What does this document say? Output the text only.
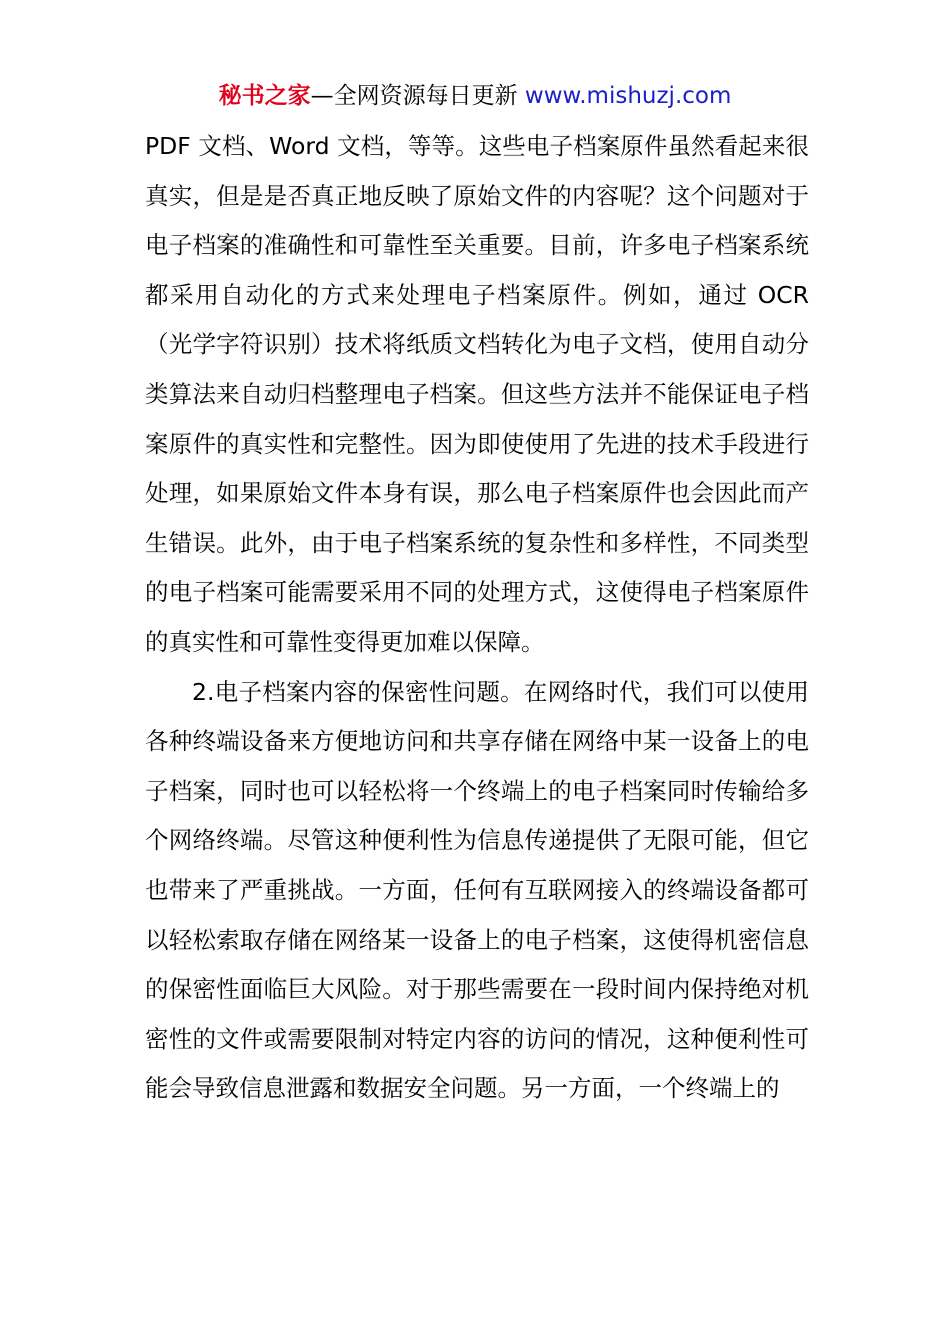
秘书之家—全网资源每日更新 www.mishuzj.com

PDF 文档、Word 文档，等等。这些电子档案原件虽然看起来很真实，但是是否真正地反映了原始文件的内容呢？这个问题对于电子档案的准确性和可靠性至关重要。目前，许多电子档案系统都采用自动化的方式来处理电子档案原件。例如，通过 OCR（光学字符识别）技术将纸质文档转化为电子文档，使用自动分类算法来自动归档整理电子档案。但这些方法并不能保证电子档案原件的真实性和完整性。因为即使使用了先进的技术手段进行处理，如果原始文件本身有误，那么电子档案原件也会因此而产生错误。此外，由于电子档案系统的复杂性和多样性，不同类型的电子档案可能需要采用不同的处理方式，这使得电子档案原件的真实性和可靠性变得更加难以保障。

2.电子档案内容的保密性问题。在网络时代，我们可以使用各种终端设备来方便地访问和共享存储在网络中某一设备上的电子档案，同时也可以轻松将一个终端上的电子档案同时传输给多个网络终端。尽管这种便利性为信息传递提供了无限可能，但它也带来了严重挑战。一方面，任何有互联网接入的终端设备都可以轻松索取存储在网络某一设备上的电子档案，这使得机密信息的保密性面临巨大风险。对于那些需要在一段时间内保持绝对机密性的文件或需要限制对特定内容的访问的情况，这种便利性可能会导致信息泄露和数据安全问题。另一方面，一个终端上的
